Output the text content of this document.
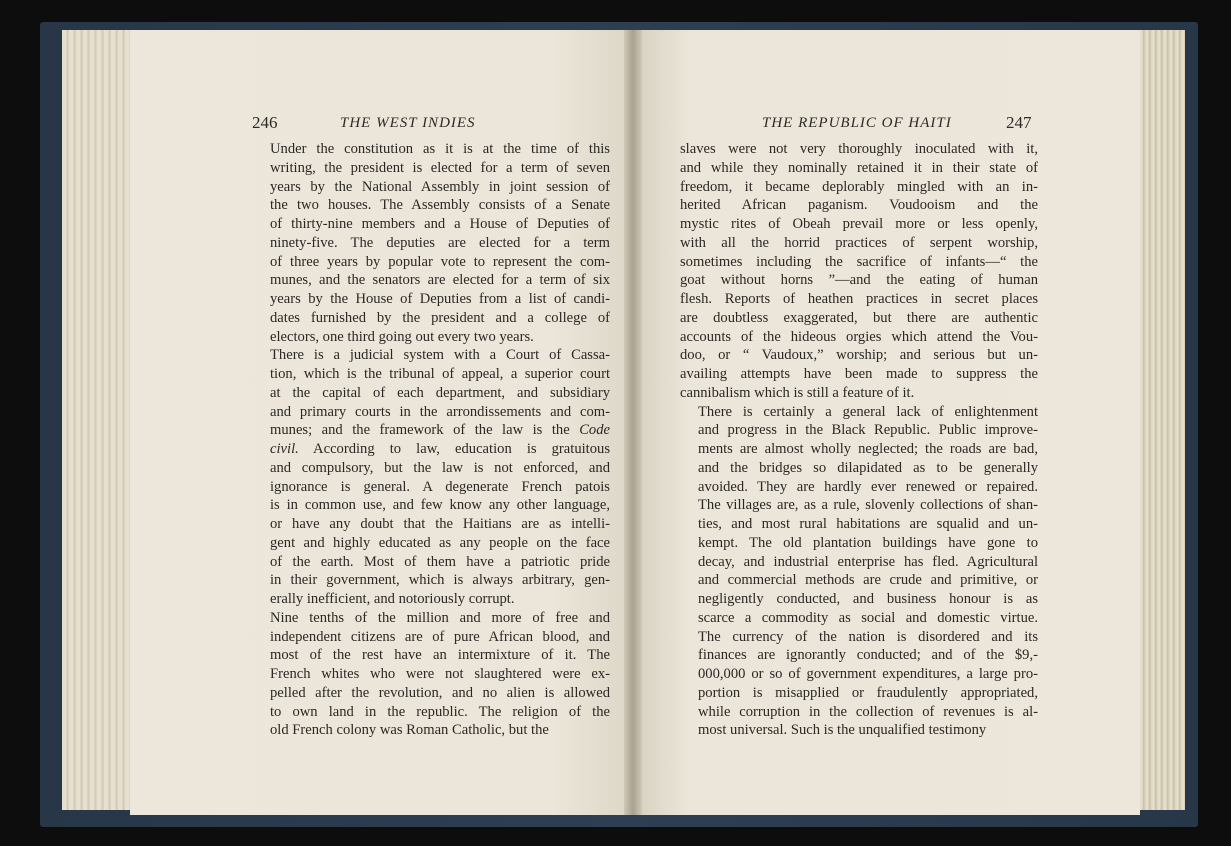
246	THE WEST INDIES	THE REPUBLIC OF HAITI	247

Under the constitution as it is at the time of this
writing, the president is elected for a term of seven
years by the National Assembly in joint session of
the two houses. The Assembly consists of a Senate
of thirty-nine members and a House of Deputies of
ninety-five. The deputies are elected for a term
of three years by popular vote to represent the com-
munes, and the senators are elected for a term of six
years by the House of Deputies from a list of candi-
dates furnished by the president and a college of
electors, one third going out every two years.

There is a judicial system with a Court of Cassa-
tion, which is the tribunal of appeal, a superior court
at the capital of each department, and subsidiary
and primary courts in the arrondissements and com-
munes; and the framework of the law is the Code
civil. According to law, education is gratuitous
and compulsory, but the law is not enforced, and
ignorance is general. A degenerate French patois
is in common use, and few know any other language,
or have any doubt that the Haitians are as intelli-
gent and highly educated as any people on the face
of the earth. Most of them have a patriotic pride
in their government, which is always arbitrary, gen-
erally inefficient, and notoriously corrupt.

Nine tenths of the million and more of free and
independent citizens are of pure African blood, and
most of the rest have an intermixture of it. The
French whites who were not slaughtered were ex-
pelled after the revolution, and no alien is allowed
to own land in the republic. The religion of the
old French colony was Roman Catholic, but the

slaves were not very thoroughly inoculated with it,
and while they nominally retained it in their state of
freedom, it became deplorably mingled with an in-
herited African paganism. Voudooism and the
mystic rites of Obeah prevail more or less openly,
with all the horrid practices of serpent worship,
sometimes including the sacrifice of infants—“ the
goat without horns ”—and the eating of human
flesh. Reports of heathen practices in secret places
are doubtless exaggerated, but there are authentic
accounts of the hideous orgies which attend the Vou-
doo, or “ Vaudoux,” worship; and serious but un-
availing attempts have been made to suppress the
cannibalism which is still a feature of it.

There is certainly a general lack of enlightenment
and progress in the Black Republic. Public improve-
ments are almost wholly neglected; the roads are bad,
and the bridges so dilapidated as to be generally
avoided. They are hardly ever renewed or repaired.
The villages are, as a rule, slovenly collections of shan-
ties, and most rural habitations are squalid and un-
kempt. The old plantation buildings have gone to
decay, and industrial enterprise has fled. Agricultural
and commercial methods are crude and primitive, or
negligently conducted, and business honour is as
scarce a commodity as social and domestic virtue.
The currency of the nation is disordered and its
finances are ignorantly conducted; and of the $9,-
000,000 or so of government expenditures, a large pro-
portion is misapplied or fraudulently appropriated,
while corruption in the collection of revenues is al-
most universal. Such is the unqualified testimony
